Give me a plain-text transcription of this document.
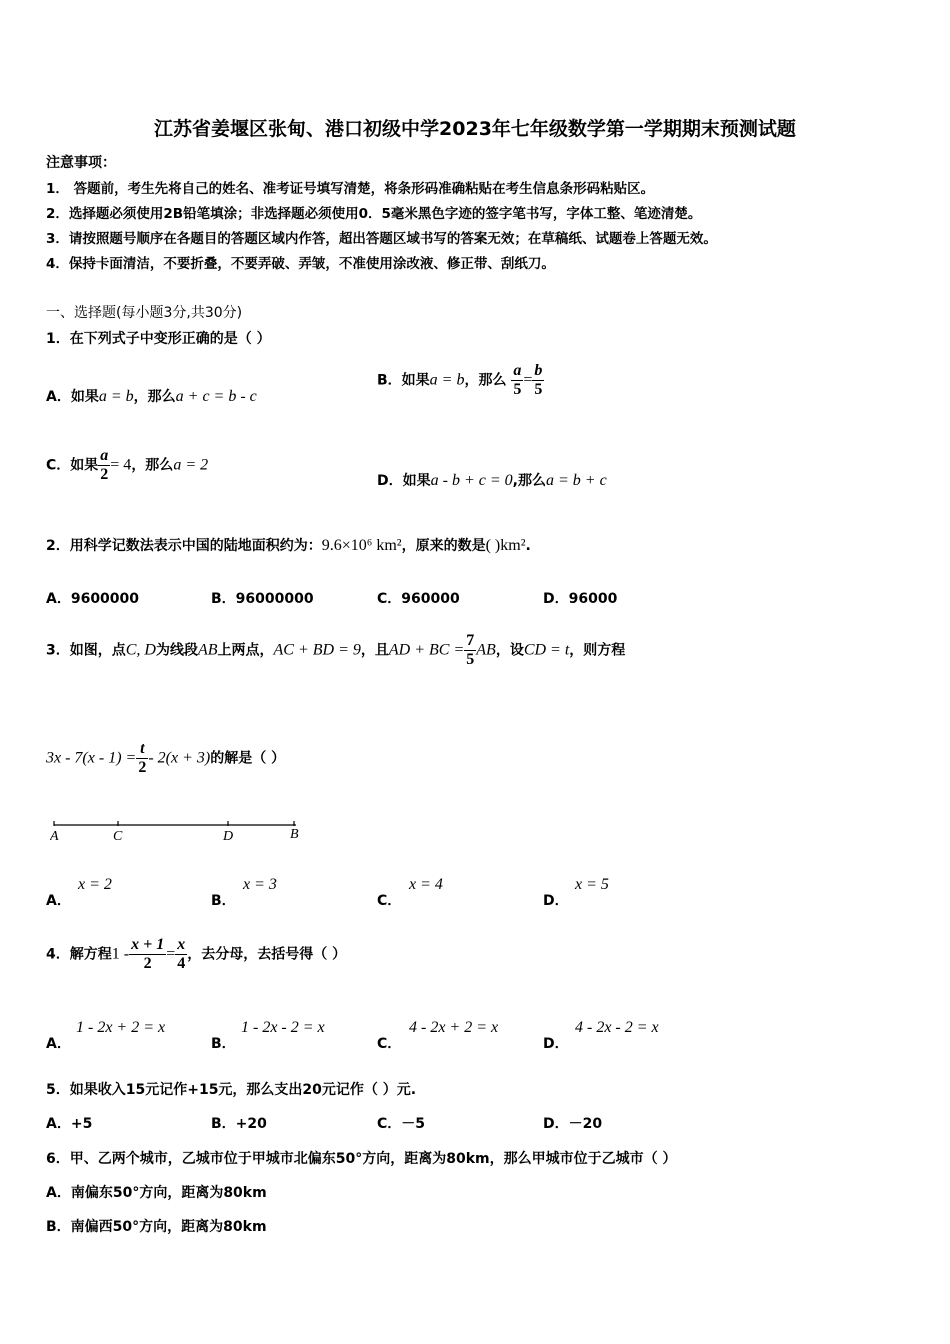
江苏省姜堰区张甸、港口初级中学2023年七年级数学第一学期期末预测试题
注意事项：
1． 答题前，考生先将自己的姓名、准考证号填写清楚，将条形码准确粘贴在考生信息条形码粘贴区。
2．选择题必须使用2B铅笔填涂；非选择题必须使用0．5毫米黑色字迹的签字笔书写，字体工整、笔迹清楚。
3．请按照题号顺序在各题目的答题区域内作答，超出答题区域书写的答案无效；在草稿纸、试题卷上答题无效。
4．保持卡面清洁，不要折叠，不要弄破、弄皱，不准使用涂改液、修正带、刮纸刀。
一、选择题(每小题3分,共30分)
1．在下列式子中变形正确的是（ ）
A．如果a = b，那么a + c = b - c
B．如果a = b，那么 $\frac{a}{5} = \frac{b}{5}$
C．如果 $\frac{a}{2} = 4$，那么a = 2
D．如果a - b + c = 0,那么a = b + c
2．用科学记数法表示中国的陆地面积约为：9.6×10⁶ km²，原来的数是( )km².
A．9600000	B．96000000	C．960000	D．96000
3．如图，点C, D为线段AB上两点，AC + BD = 9，且AD + BC = $\frac{7}{5}$ AB，设CD = t，则方程
$3x - 7(x - 1) = \frac{t}{2} - 2(x + 3)$的解是（ ）
A	C	D	B
A．
x = 2
B．
x = 3
C．
x = 4
D．
x = 5
4．解方程$1 - \frac{x + 1}{2} = \frac{x}{4}$ ，去分母，去括号得（ ）
A．
1 - 2x + 2 = x
B．
1 - 2x - 2 = x
C．
4 - 2x + 2 = x
D．
4 - 2x - 2 = x
5．如果收入15元记作+15元，那么支出20元记作（ ）元.
A．+5	B．+20	C．－5	D．－20
6．甲、乙两个城市，乙城市位于甲城市北偏东50°方向，距离为80km，那么甲城市位于乙城市（ ）
A．南偏东50°方向，距离为80km
B．南偏西50°方向，距离为80km
